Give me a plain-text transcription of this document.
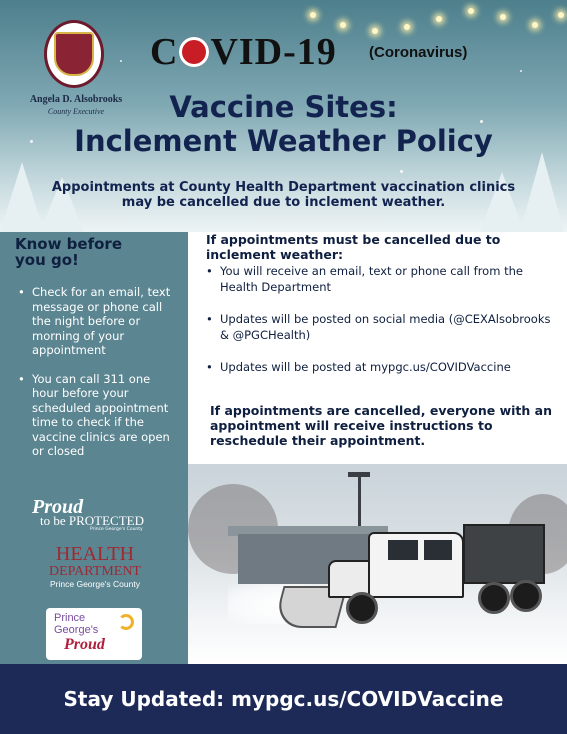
Angela D. Alsobrooks
County Executive
C VID-19 (Coronavirus)
Vaccine Sites:
Inclement Weather Policy
Appointments at County Health Department vaccination clinics
may be cancelled due to inclement weather.
Know before
you go!
• Check for an email, text message or phone call the night before or morning of your appointment
• You can call 311 one hour before your scheduled appointment time to check if the vaccine clinics are open or closed
Proud
to be PROTECTED
Prince George's County
HEALTH
DEPARTMENT
Prince George's County
Prince
George's
Proud
If appointments must be cancelled due to inclement weather:
• You will receive an email, text or phone call from the Health Department
• Updates will be posted on social media (@CEXAlsobrooks & @PGCHealth)
• Updates will be posted at mypgc.us/COVIDVaccine
If appointments are cancelled, everyone with an appointment will receive instructions to reschedule their appointment.
Stay Updated: mypgc.us/COVIDVaccine
